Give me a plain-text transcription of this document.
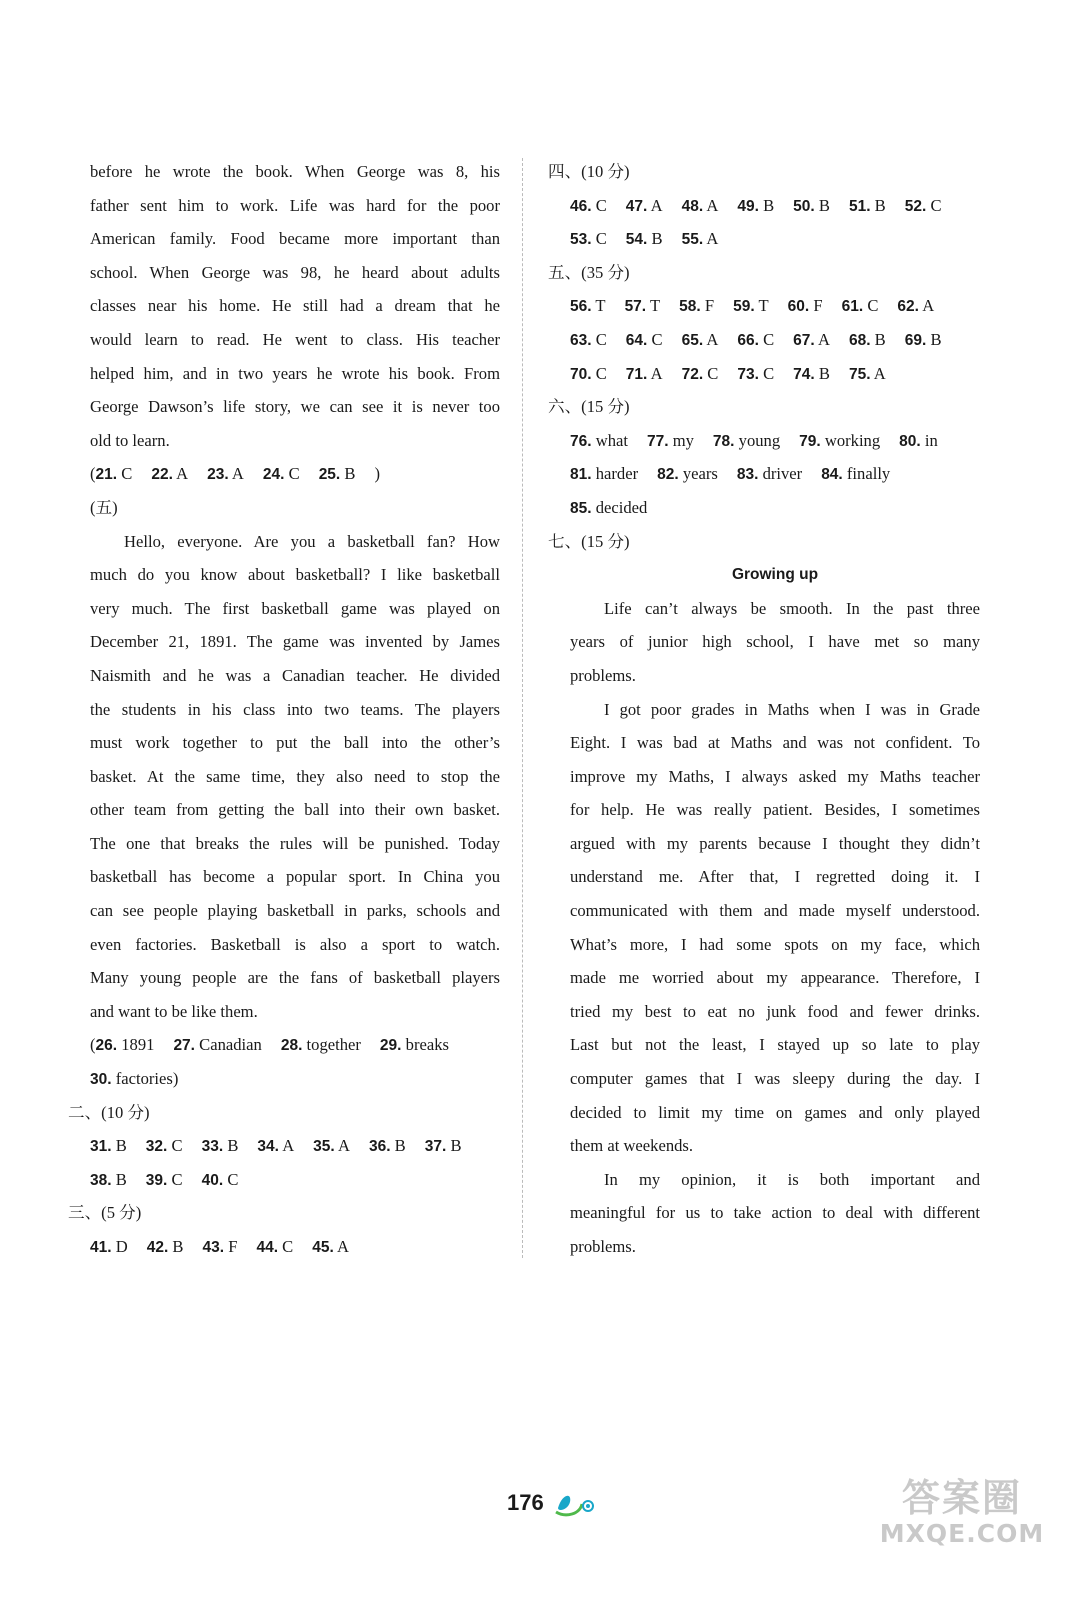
before he wrote the book. When George was 8, his
father sent him to work. Life was hard for the poor
American family. Food became more important than
school. When George was 98, he heard about adults
classes near his home. He still had a dream that he
would learn to read. He went to class. His teacher
helped him, and in two years he wrote his book. From
George Dawson’s life story, we can see it is never too
old to learn.
(21. C 22. A 23. A 24. C 25. B )
(五)
Hello, everyone. Are you a basketball fan? How
much do you know about basketball? I like basketball
very much. The first basketball game was played on
December 21, 1891. The game was invented by James
Naismith and he was a Canadian teacher. He divided
the students in his class into two teams. The players
must work together to put the ball into the other’s
basket. At the same time, they also need to stop the
other team from getting the ball into their own basket.
The one that breaks the rules will be punished. Today
basketball has become a popular sport. In China you
can see people playing basketball in parks, schools and
even factories. Basketball is also a sport to watch.
Many young people are the fans of basketball players
and want to be like them.
(26. 1891 27. Canadian 28. together 29. breaks
30. factories)
二、(10 分)
31. B 32. C 33. B 34. A 35. A 36. B 37. B
38. B 39. C 40. C
三、(5 分)
41. D 42. B 43. F 44. C 45. A
四、(10 分)
46. C 47. A 48. A 49. B 50. B 51. B 52. C
53. C 54. B 55. A
五、(35 分)
56. T 57. T 58. F 59. T 60. F 61. C 62. A
63. C 64. C 65. A 66. C 67. A 68. B 69. B
70. C 71. A 72. C 73. C 74. B 75. A
六、(15 分)
76. what 77. my 78. young 79. working 80. in
81. harder 82. years 83. driver 84. finally
85. decided
七、(15 分)
Growing up
Life can’t always be smooth. In the past three
years of junior high school, I have met so many
problems.
I got poor grades in Maths when I was in Grade
Eight. I was bad at Maths and was not confident. To
improve my Maths, I always asked my Maths teacher
for help. He was really patient. Besides, I sometimes
argued with my parents because I thought they didn’t
understand me. After that, I regretted doing it. I
communicated with them and made myself understood.
What’s more, I had some spots on my face, which
made me worried about my appearance. Therefore, I
tried my best to eat no junk food and fewer drinks.
Last but not the least, I stayed up so late to play
computer games that I was sleepy during the day. I
decided to limit my time on games and only played
them at weekends.
In my opinion, it is both important and
meaningful for us to take action to deal with different
problems.
176	答案圈
MXQE.COM
